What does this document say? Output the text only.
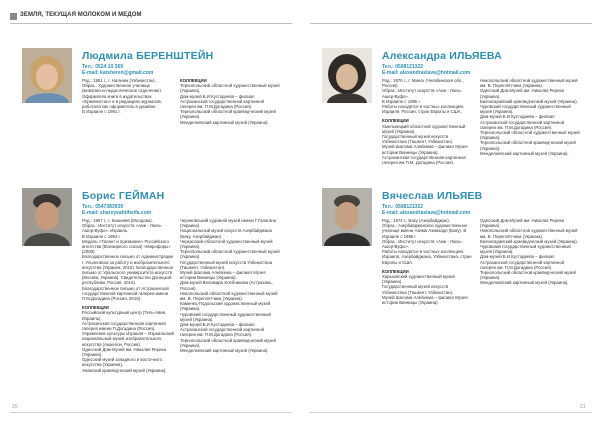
ЗЕМЛЯ, ТЕКУЩАЯ МОЛОКОМ И МЕДОМ
Людмила БЕРЕНШТЕЙН
Тел.: 0524 10 369
E-mail: katsheren@gmail.com

Род.: 1951 г., г. Нальчик (Узбекистан).

Образ.: Художественное училище (живописно-педагогическое отделение). Оформляла книги в издательствах «Ерменистан» и в редакциях журналов, работала как оформитель в дизайне.

В Израиле с 1991 г.

КОЛЛЕКЦИИ

Тернопольский областной художественный музей (Украина).

Дом-музей Б.И.Кустодиева – филиал Астраханской государственной картинной галереи им. П.М.Догадина (Россия).

Тернопольский областной краеведческий музей (Украина).

Менделеевский картинный музей (Украина).

Александра ИЛЬЯЕВА
Тел.: 0508121322
E-mail: alexandraslava@hotmail.com

Род.: 1976 г., г. Минск (Челябинская обл., Россия).

Образ.: Институт искусств «Анж - Люль-Ашер-Вуфо».

В Израиле с 1995 г.

Работы находятся в частных коллекциях Израиля, России, стран Европы и США.

КОЛЛЕКЦИИ

Хмельницкий областной художественный музей (Украина).

Государственный музей искусств Узбекистана (Ташкент, Узбекистан).

Музей Шалома Алейхема – филиал Музея истории Винницы (Украина).

Астраханская государственная картинная галерея им П.М. Догадина (Россия).

Никопольский областной художественный музей им. В. Переплётчика (Украина).

Одесский Дом-Музей им. Николая Рериха (Украина).

Бахчисарайский краеведческий музей (Украина).

Чуровский государственный художественный музей (Украина).

Дом-музей Б.И.Кустодиева – филиал Астраханской государственной картинной галереи им. П.М.Догадина (Россия).

Тернопольский областной художественный музей (Украина).

Тернопольский областной краеведческий музей (Украина).

Менделеевский картинный музей (Украина).

Борис ГЕЙМАН
Тел.: 0547383939
E-mail: shareyeahtiheifa.com

Род.: 1967 г., г. Кишинёв (Молдова).

Образ.: Институт искусств «Анж - Люль-Ашер-Вуфо». Израиль.

В Израиле с 1994 г.

Медаль «Талант и призвание» Российского агентства (Всемирного союза) «Мирофоры» (2009).

Благодарственное письмо от Администрации г. Ульяновска за работу и изобразительного искусства (Украина, 2016). Благодарственное письмо от Уральского университета искусств (Москва, Украина). Свидетельство Донецкой республики, Россия, 2016). Благодарственное письмо от Астраханской государственной картинной галереи имени П.М.Догадина (Россия, 2019).

КОЛЛЕКЦИИ

Российский культурный центр (Тель-Авив, Израиль).

Астраханская государственная картинная галерея имени П.Догадина (Россия).

Управление культуры Израиля – Израильский национальный музей изобразительного искусства (Ашкелон, Россия).

Одесский Дом-Музей им. Николая Рериха (Украина).

Одесский музей западного и восточного искусства (Украина).

Уманский краеведческий музей (Украина).

Чернигівський художній музей имени Г.Галагана (Украина).

Национальный музей искусств Азербайджана (Баку, Азербайджан).

Черкасский областной художественный музей (Украина).

Тернопольский областной художественный музей (Украина).

Государственный музей искусств Узбекистана (Ташкент, Узбекистан).

Музей Шалома Алейхема – филиал Музея истории Винницы (Украина).

Дом-музей Велимира Хлебникова (Астрахань, Россия).

Никопольский областной художественный музей им. В. Переплётчика (Украина).

Каменец-Подольский художественный музей (Украина).

Чуровский государственный художественный музей (Украина).

Дом-музей Б.И.Кустодиева – филиал Астраханской государственной картинной галереи им. П.М.Догадина (Россия).

Тернопольский областной краеведческий музей (Украина).

Менделеевский картинный музей (Украина).

Вячеслав ИЛЬЯЕВ
Тел.: 0508121322
E-mail: alexandraslava@hotmail.com

Род.: 1974 г., Баку (Азербайджан).

Образ.: Азербайджанское художественное училище имени Азима Азимзаде (Баку). В Израиле с 1995 г.

Образ.: Институт искусств «Анж - Люль-Ашер-Вуфо».

Работы находятся в частных коллекциях Израиля, Азербайджана, Узбекистана, стран Европы и США.

КОЛЛЕКЦИИ

Харьковский художественный музей (Украина).

Государственный музей искусств Узбекистана (Ташкент, Узбекистан).

Музей Шалома Алейхема – филиал Музея истории Винницы (Украина).

Одесский Дом-Музей им. Николая Рериха (Украина).

Никопольский областной художественный музей им. В. Переплётчика (Украина).

Бахчисарайский краеведческий музей (Украина).

Чуровский государственный художественный музей (Украина).

Дом-музей Б.И.Кустодиева – филиал Астраханской государственной картинной галереи им. П.М.Догадина (Россия).

Тернопольский областной краеведческий музей (Украина).

Менделеевский картинный музей (Украина).

20	21
